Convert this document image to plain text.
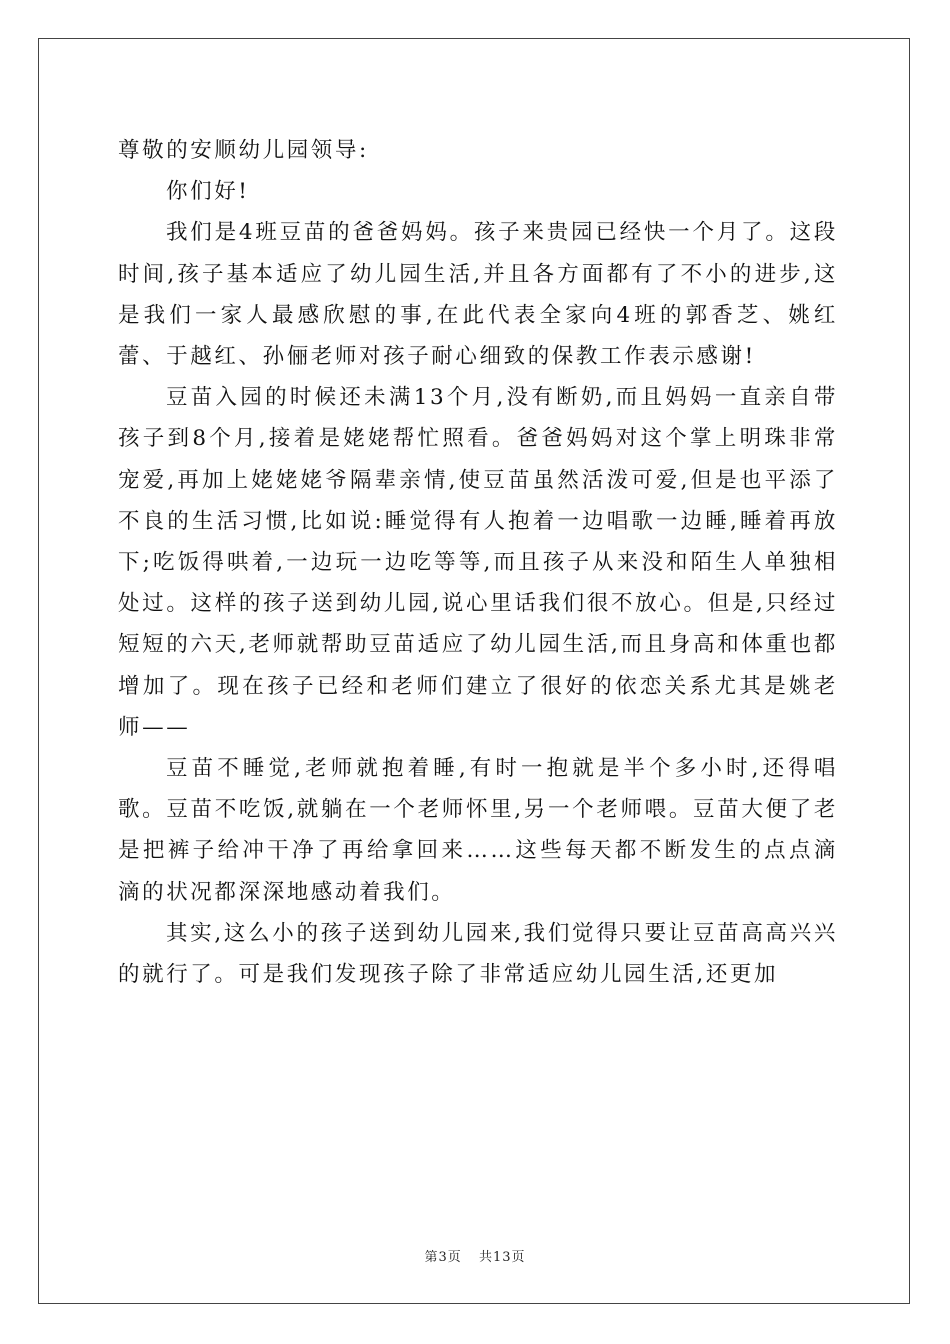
尊敬的安顺幼儿园领导:

你们好!

我们是4班豆苗的爸爸妈妈。孩子来贵园已经快一个月了。这段时间,孩子基本适应了幼儿园生活,并且各方面都有了不小的进步,这是我们一家人最感欣慰的事,在此代表全家向4班的郭香芝、姚红蕾、于越红、孙俪老师对孩子耐心细致的保教工作表示感谢!

豆苗入园的时候还未满13个月,没有断奶,而且妈妈一直亲自带孩子到8个月,接着是姥姥帮忙照看。爸爸妈妈对这个掌上明珠非常宠爱,再加上姥姥姥爷隔辈亲情,使豆苗虽然活泼可爱,但是也平添了不良的生活习惯,比如说:睡觉得有人抱着一边唱歌一边睡,睡着再放下;吃饭得哄着,一边玩一边吃等等,而且孩子从来没和陌生人单独相处过。这样的孩子送到幼儿园,说心里话我们很不放心。但是,只经过短短的六天,老师就帮助豆苗适应了幼儿园生活,而且身高和体重也都增加了。现在孩子已经和老师们建立了很好的依恋关系尤其是姚老师——

豆苗不睡觉,老师就抱着睡,有时一抱就是半个多小时,还得唱歌。豆苗不吃饭,就躺在一个老师怀里,另一个老师喂。豆苗大便了老是把裤子给冲干净了再给拿回来……这些每天都不断发生的点点滴滴的状况都深深地感动着我们。

其实,这么小的孩子送到幼儿园来,我们觉得只要让豆苗高高兴兴的就行了。可是我们发现孩子除了非常适应幼儿园生活,还更加

第3页 共13页
